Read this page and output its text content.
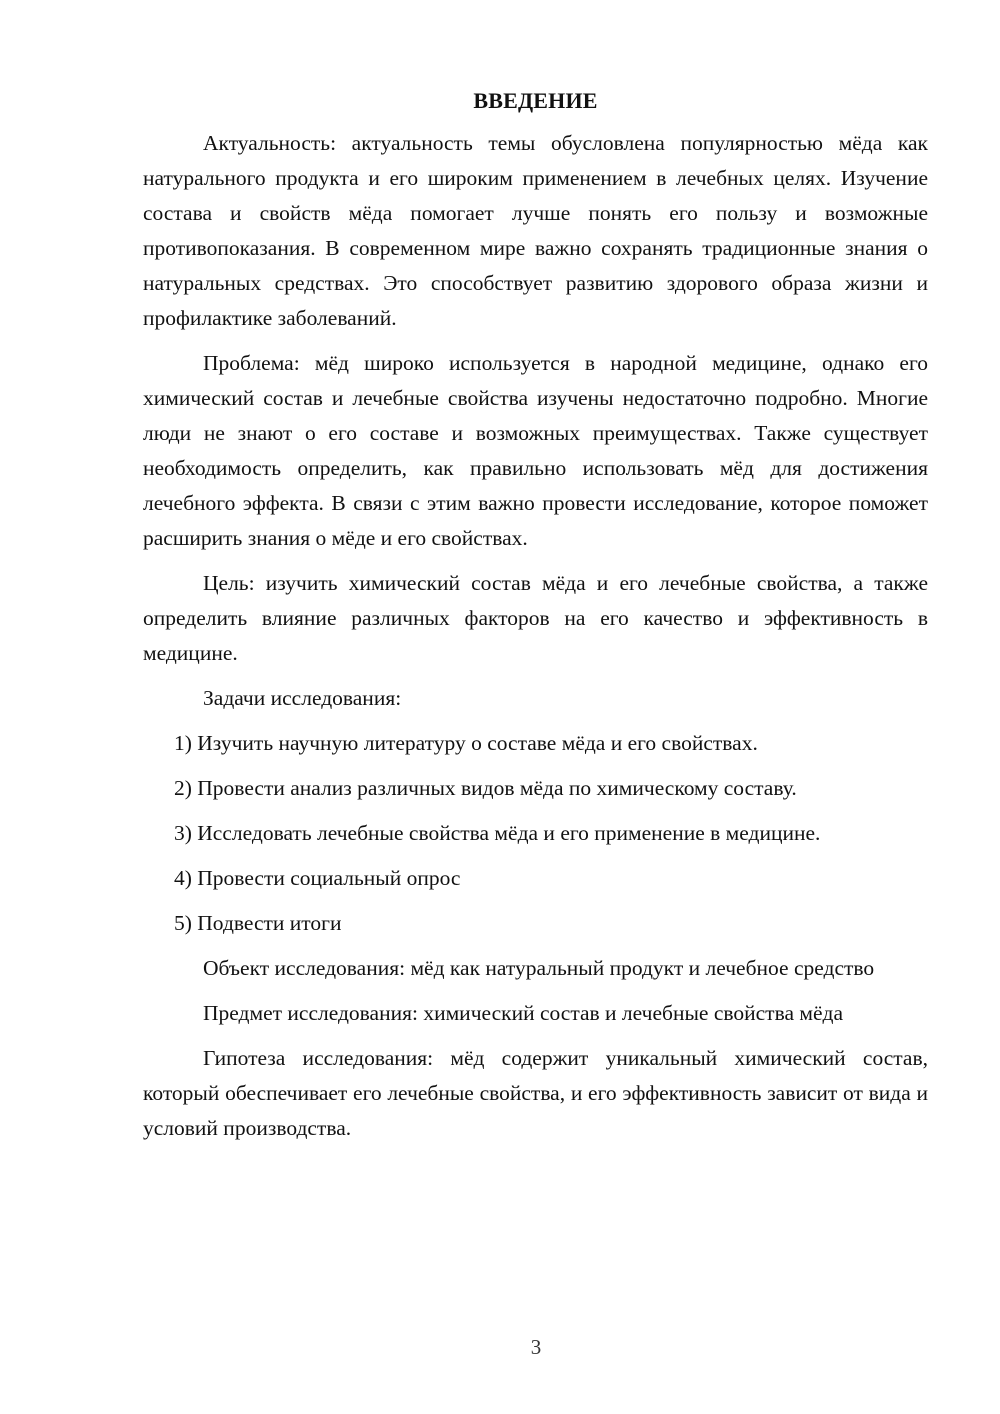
ВВЕДЕНИЕ

Актуальность: актуальность темы обусловлена популярностью мёда как натурального продукта и его широким применением в лечебных целях. Изучение состава и свойств мёда помогает лучше понять его пользу и возможные противопоказания. В современном мире важно сохранять традиционные знания о натуральных средствах. Это способствует развитию здорового образа жизни и профилактике заболеваний.

Проблема: мёд широко используется в народной медицине, однако его химический состав и лечебные свойства изучены недостаточно подробно. Многие люди не знают о его составе и возможных преимуществах. Также существует необходимость определить, как правильно использовать мёд для достижения лечебного эффекта. В связи с этим важно провести исследование, которое поможет расширить знания о мёде и его свойствах.

Цель: изучить химический состав мёда и его лечебные свойства, а также определить влияние различных факторов на его качество и эффективность в медицине.

Задачи исследования:

1) Изучить научную литературу о составе мёда и его свойствах.
2) Провести анализ различных видов мёда по химическому составу.
3) Исследовать лечебные свойства мёда и его применение в медицине.
4) Провести социальный опрос
5) Подвести итоги

Объект исследования: мёд как натуральный продукт и лечебное средство

Предмет исследования: химический состав и лечебные свойства мёда

Гипотеза исследования: мёд содержит уникальный химический состав, который обеспечивает его лечебные свойства, и его эффективность зависит от вида и условий производства.

3
